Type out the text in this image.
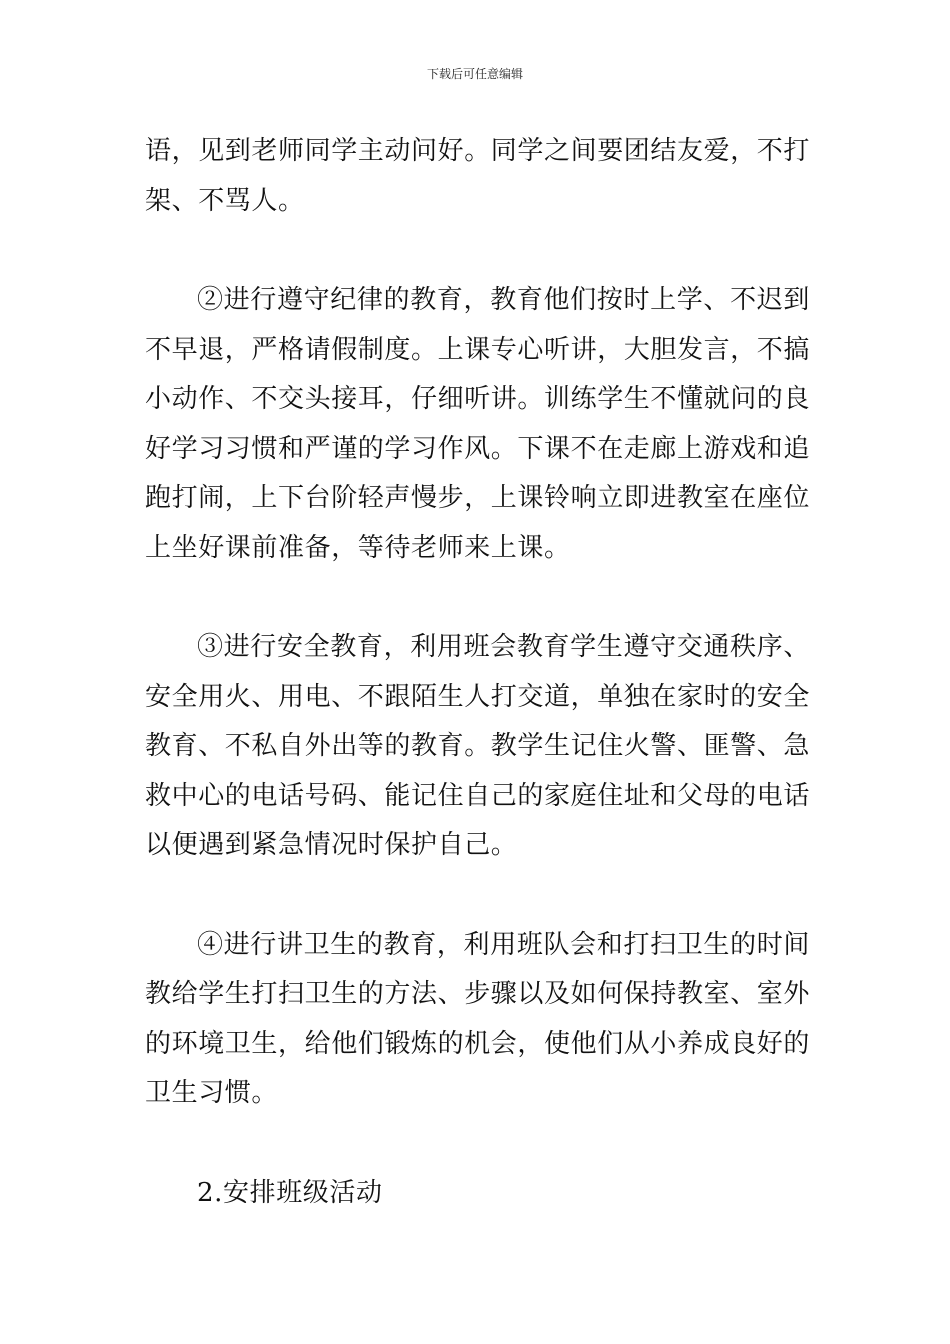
下载后可任意编辑

语，见到老师同学主动问好。同学之间要团结友爱，不打架、不骂人。

②进行遵守纪律的教育，教育他们按时上学、不迟到不早退，严格请假制度。上课专心听讲，大胆发言，不搞小动作、不交头接耳，仔细听讲。训练学生不懂就问的良好学习习惯和严谨的学习作风。下课不在走廊上游戏和追跑打闹，上下台阶轻声慢步，上课铃响立即进教室在座位上坐好课前准备，等待老师来上课。

③进行安全教育，利用班会教育学生遵守交通秩序、安全用火、用电、不跟陌生人打交道，单独在家时的安全教育、不私自外出等的教育。教学生记住火警、匪警、急救中心的电话号码、能记住自己的家庭住址和父母的电话以便遇到紧急情况时保护自己。

④进行讲卫生的教育，利用班队会和打扫卫生的时间教给学生打扫卫生的方法、步骤以及如何保持教室、室外的环境卫生，给他们锻炼的机会，使他们从小养成良好的卫生习惯。

2.安排班级活动
